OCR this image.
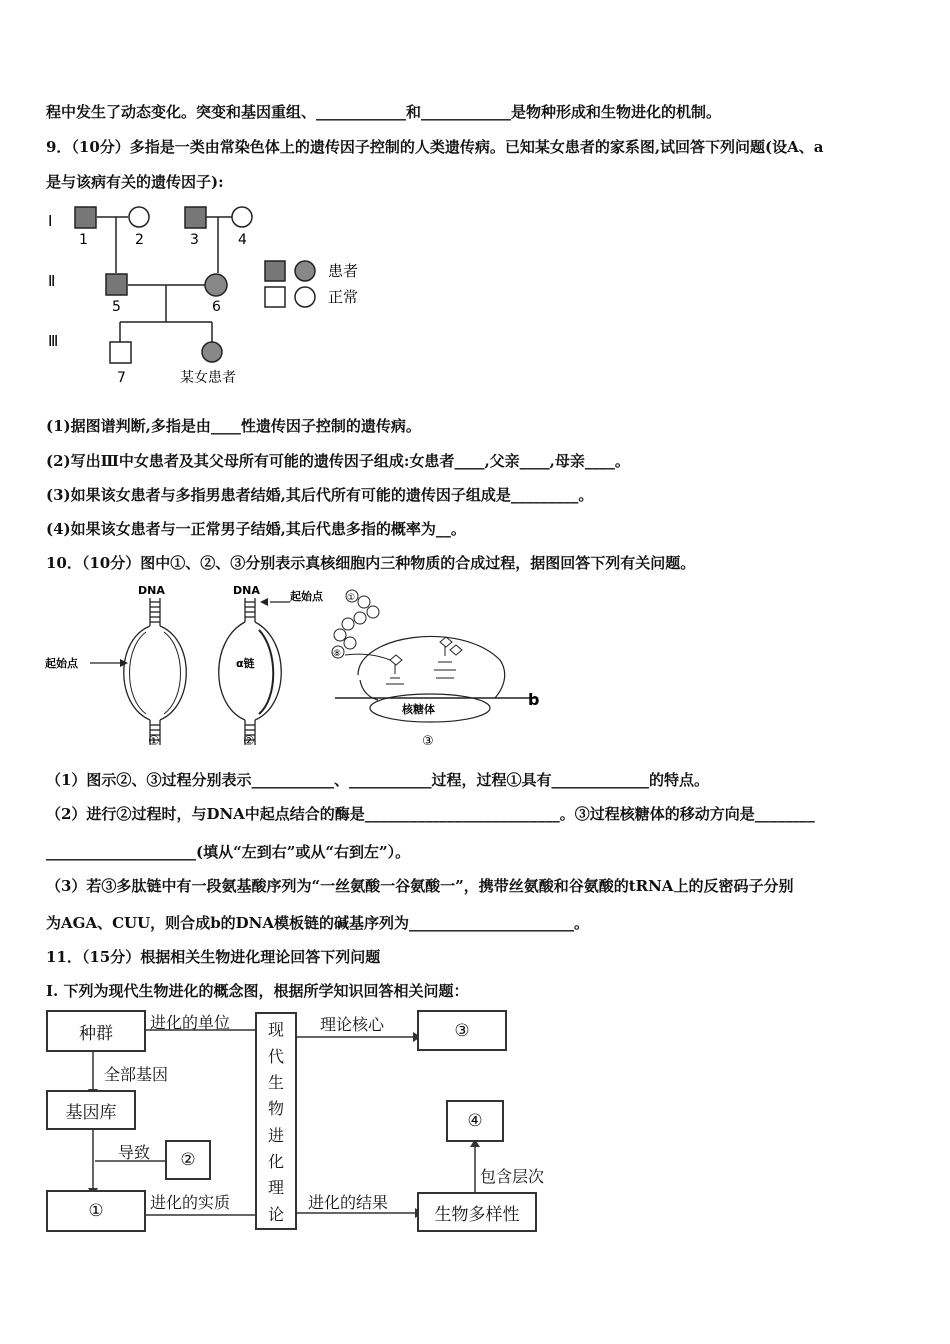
程中发生了动态变化。突变和基因重组、____________和____________是物种形成和生物进化的机制。
9．（10分）多指是一类由常染色体上的遗传因子控制的人类遗传病。已知某女患者的家系图,试回答下列问题(设A、a
是与该病有关的遗传因子):
Ⅰ
Ⅱ
Ⅲ
1	2	3	4
5	6
7	某女患者
患者
正常
(1)据图谱判断,多指是由____性遗传因子控制的遗传病。
(2)写出Ⅲ中女患者及其父母所有可能的遗传因子组成:女患者____,父亲____,母亲____。
(3)如果该女患者与多指男患者结婚,其后代所有可能的遗传因子组成是_________。
(4)如果该女患者与一正常男子结婚,其后代患多指的概率为__。
10．（10分）图中①、②、③分别表示真核细胞内三种物质的合成过程，据图回答下列有关问题。
DNA
起始点
DNA	起始点
α链
①
⑧
核糖体
b
①	②	③
（1）图示②、③过程分别表示___________、___________过程，过程①具有_____________的特点。
（2）进行②过程时，与DNA中起点结合的酶是__________________________。③过程核糖体的移动方向是________
____________________(填从“左到右”或从“右到左”）。
（3）若③多肽链中有一段氨基酸序列为“一丝氨酸一谷氨酸一”，携带丝氨酸和谷氨酸的tRNA上的反密码子分别
为AGA、CUU，则合成b的DNA模板链的碱基序列为______________________。
11．（15分）根据相关生物进化理论回答下列问题
I. 下列为现代生物进化的概念图，根据所学知识回答相关问题：
种群
基因库
②
①
③
④
生物多样性
现
代
生
物
进
化
理
论
进化的单位	理论核心
全部基因
导致
进化的实质	进化的结果
包含层次
